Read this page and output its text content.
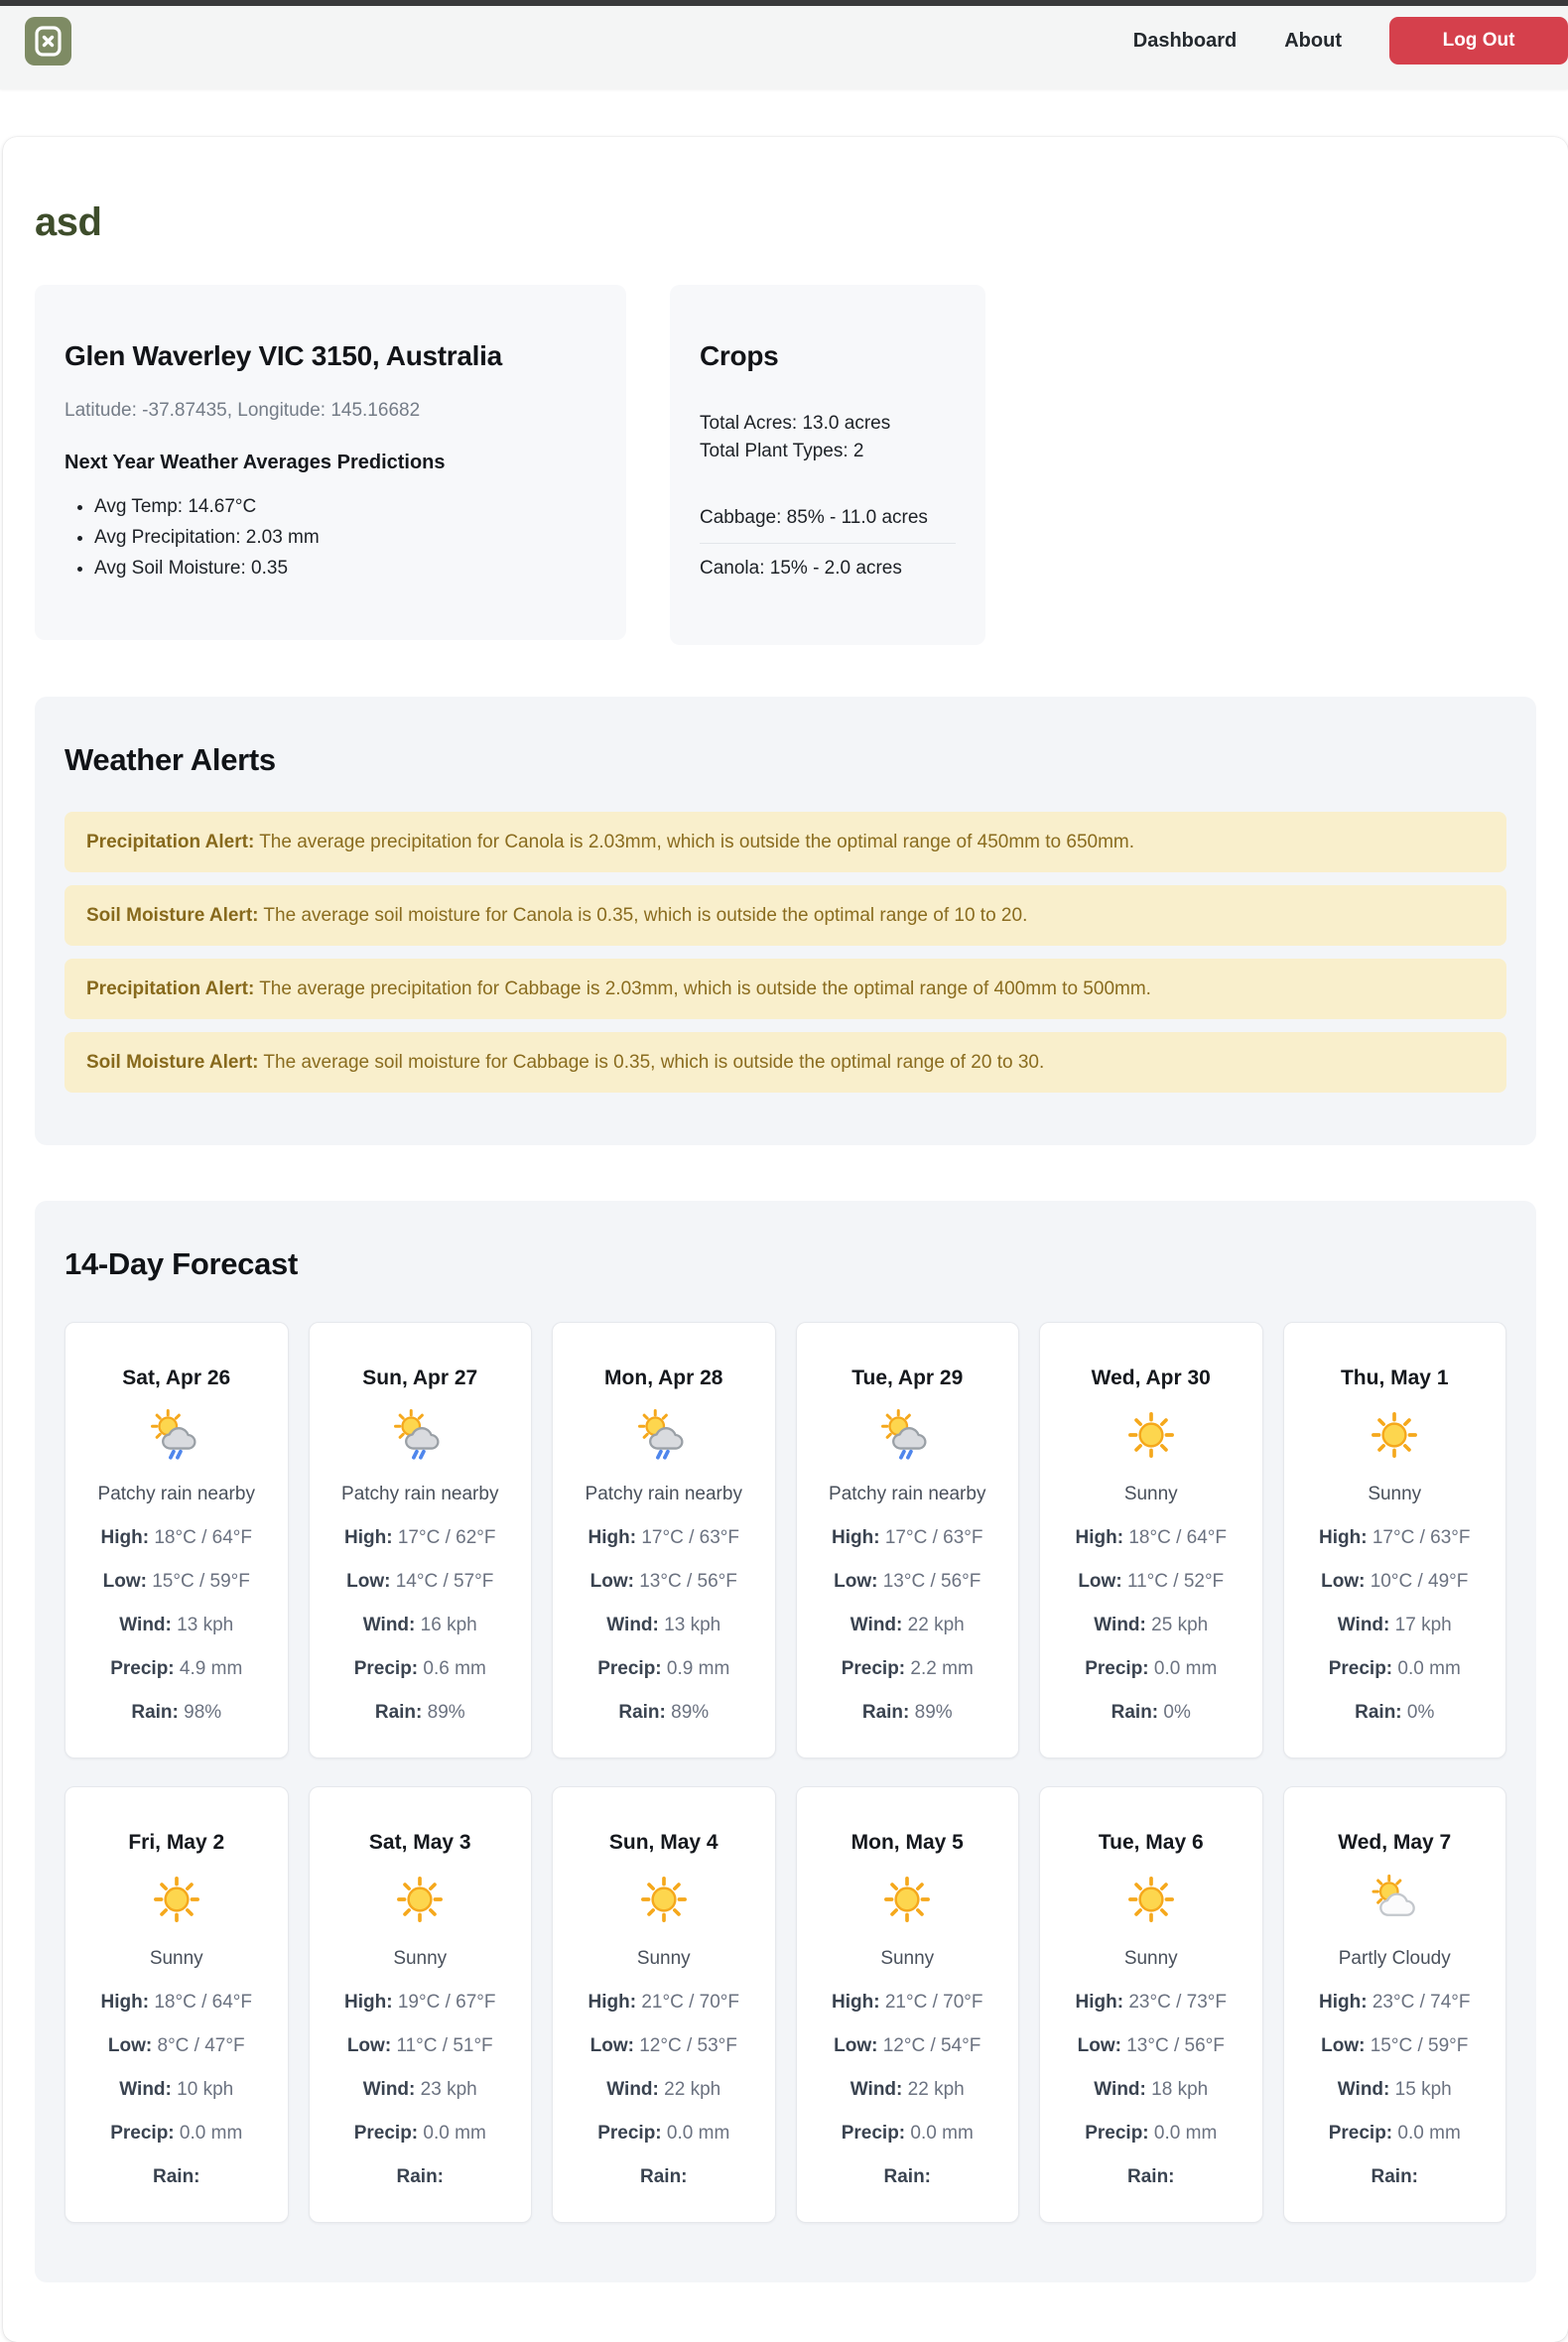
Dashboard About	Log Out
asd
Glen Waverley VIC 3150, Australia

Latitude: -37.87435, Longitude: 145.16682

Next Year Weather Averages Predictions

• Avg Temp: 14.67°C
• Avg Precipitation: 2.03 mm
• Avg Soil Moisture: 0.35
Crops

Total Acres: 13.0 acres
Total Plant Types: 2

Cabbage: 85% - 11.0 acres
Canola: 15% - 2.0 acres
Weather Alerts
Precipitation Alert: The average precipitation for Canola is 2.03mm, which is outside the optimal range of 450mm to 650mm.
Soil Moisture Alert: The average soil moisture for Canola is 0.35, which is outside the optimal range of 10 to 20.
Precipitation Alert: The average precipitation for Cabbage is 2.03mm, which is outside the optimal range of 400mm to 500mm.
Soil Moisture Alert: The average soil moisture for Cabbage is 0.35, which is outside the optimal range of 20 to 30.
14-Day Forecast
Sat, Apr 26
Patchy rain nearby
High: 18°C / 64°F
Low: 15°C / 59°F
Wind: 13 kph
Precip: 4.9 mm
Rain: 98%
Sun, Apr 27
Patchy rain nearby
High: 17°C / 62°F
Low: 14°C / 57°F
Wind: 16 kph
Precip: 0.6 mm
Rain: 89%
Mon, Apr 28
Patchy rain nearby
High: 17°C / 63°F
Low: 13°C / 56°F
Wind: 13 kph
Precip: 0.9 mm
Rain: 89%
Tue, Apr 29
Patchy rain nearby
High: 17°C / 63°F
Low: 13°C / 56°F
Wind: 22 kph
Precip: 2.2 mm
Rain: 89%
Wed, Apr 30
Sunny
High: 18°C / 64°F
Low: 11°C / 52°F
Wind: 25 kph
Precip: 0.0 mm
Rain: 0%
Thu, May 1
Sunny
High: 17°C / 63°F
Low: 10°C / 49°F
Wind: 17 kph
Precip: 0.0 mm
Rain: 0%
Fri, May 2
Sunny
High: 18°C / 64°F
Low: 8°C / 47°F
Wind: 10 kph
Precip: 0.0 mm
Rain:
Sat, May 3
Sunny
High: 19°C / 67°F
Low: 11°C / 51°F
Wind: 23 kph
Precip: 0.0 mm
Rain:
Sun, May 4
Sunny
High: 21°C / 70°F
Low: 12°C / 53°F
Wind: 22 kph
Precip: 0.0 mm
Rain:
Mon, May 5
Sunny
High: 21°C / 70°F
Low: 12°C / 54°F
Wind: 22 kph
Precip: 0.0 mm
Rain:
Tue, May 6
Sunny
High: 23°C / 73°F
Low: 13°C / 56°F
Wind: 18 kph
Precip: 0.0 mm
Rain:
Wed, May 7
Partly Cloudy
High: 23°C / 74°F
Low: 15°C / 59°F
Wind: 15 kph
Precip: 0.0 mm
Rain:
